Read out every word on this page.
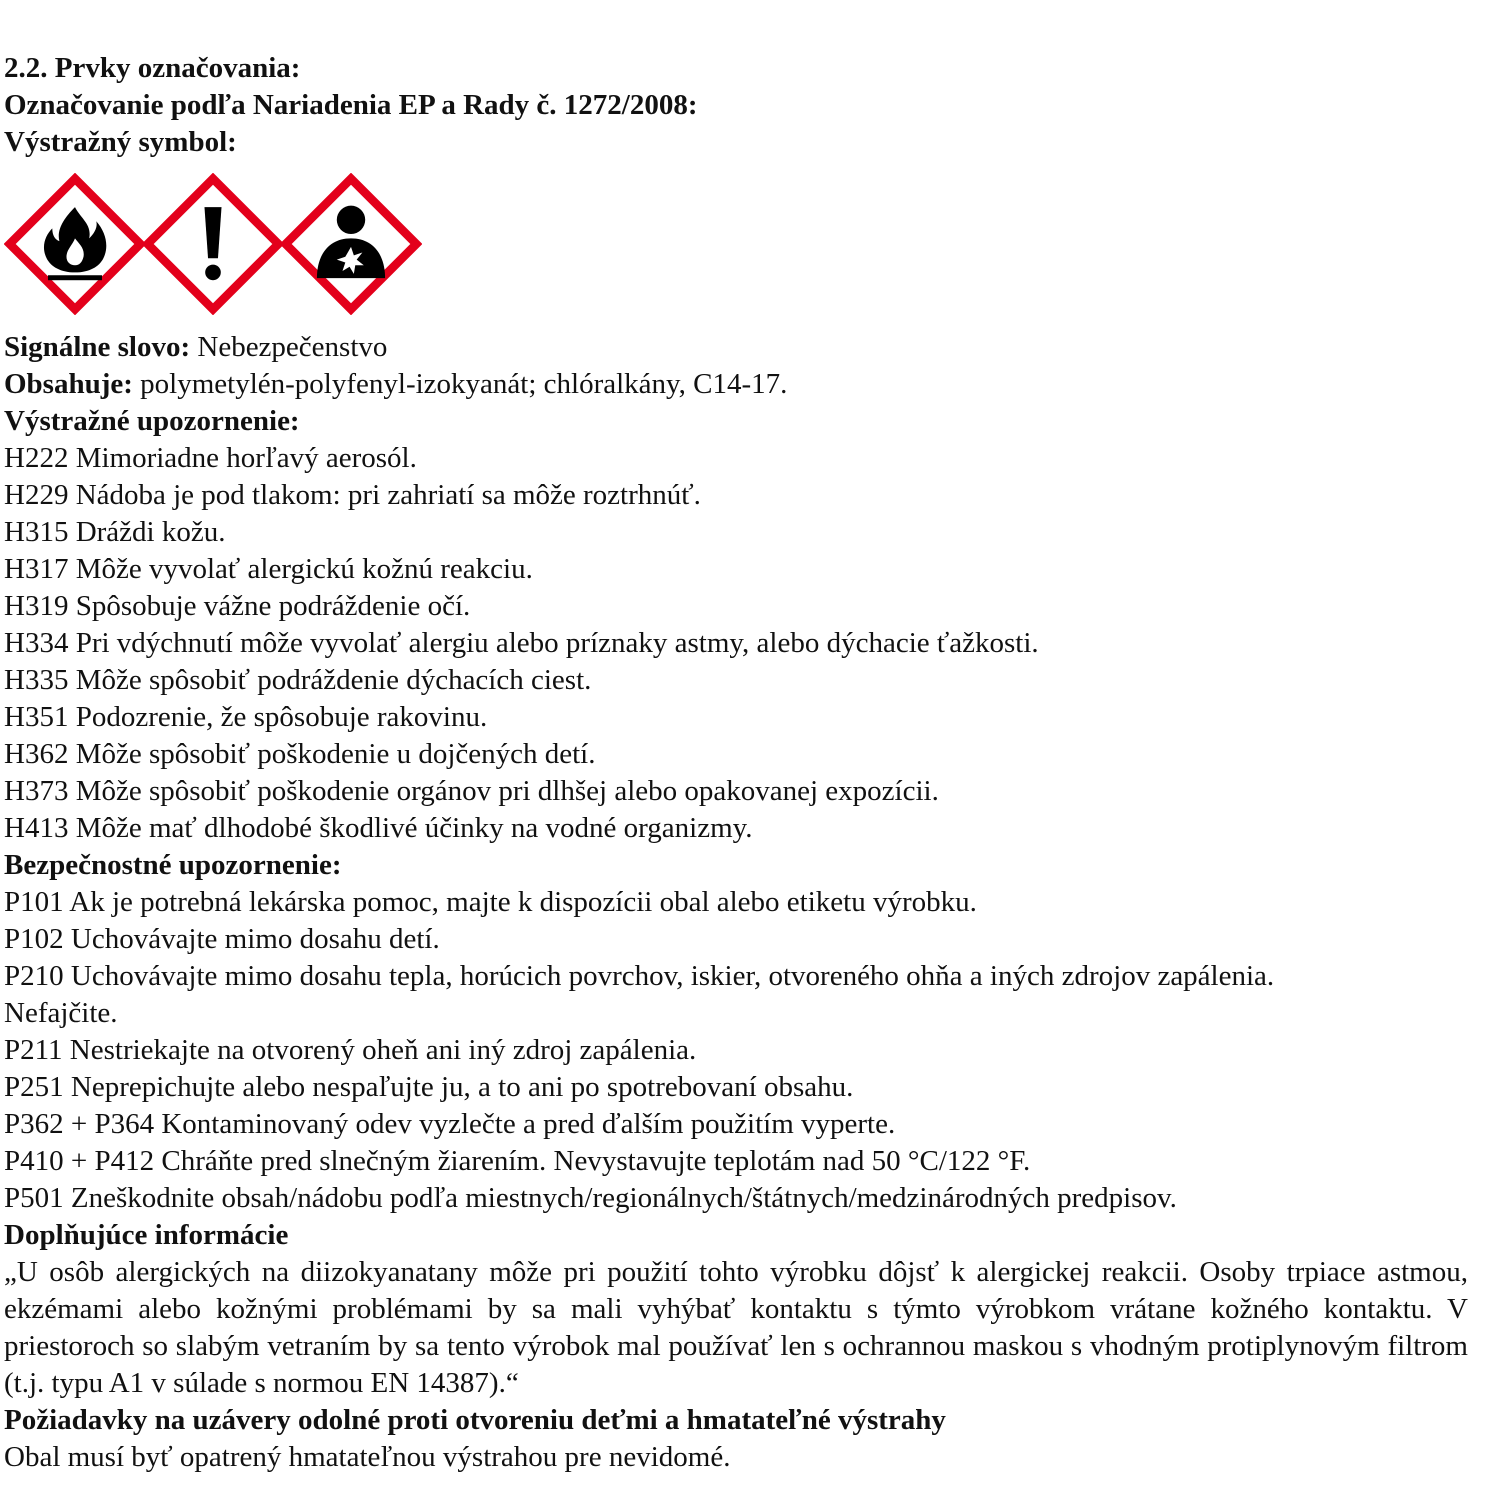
2.2. Prvky označovania:

Označovanie podľa Nariadenia EP a Rady č. 1272/2008:

Výstražný symbol:

Signálne slovo: Nebezpečenstvo

Obsahuje: polymetylén-polyfenyl-izokyanát; chlóralkány, C14-17.

Výstražné upozornenie:

H222 Mimoriadne horľavý aerosól.

H229 Nádoba je pod tlakom: pri zahriatí sa môže roztrhnúť.

H315 Dráždi kožu.

H317 Môže vyvolať alergickú kožnú reakciu.

H319 Spôsobuje vážne podráždenie očí.

H334 Pri vdýchnutí môže vyvolať alergiu alebo príznaky astmy, alebo dýchacie ťažkosti.

H335 Môže spôsobiť podráždenie dýchacích ciest.

H351 Podozrenie, že spôsobuje rakovinu.

H362 Môže spôsobiť poškodenie u dojčených detí.

H373 Môže spôsobiť poškodenie orgánov pri dlhšej alebo opakovanej expozícii.

H413 Môže mať dlhodobé škodlivé účinky na vodné organizmy.

Bezpečnostné upozornenie:

P101 Ak je potrebná lekárska pomoc, majte k dispozícii obal alebo etiketu výrobku.

P102 Uchovávajte mimo dosahu detí.

P210 Uchovávajte mimo dosahu tepla, horúcich povrchov, iskier, otvoreného ohňa a iných zdrojov zapálenia.

Nefajčite.

P211 Nestriekajte na otvorený oheň ani iný zdroj zapálenia.

P251 Neprepichujte alebo nespaľujte ju, a to ani po spotrebovaní obsahu.

P362 + P364 Kontaminovaný odev vyzlečte a pred ďalším použitím vyperte.

P410 + P412 Chráňte pred slnečným žiarením. Nevystavujte teplotám nad 50 °C/122 °F.

P501 Zneškodnite obsah/nádobu podľa miestnych/regionálnych/štátnych/medzinárodných predpisov.

Doplňujúce informácie

„U osôb alergických na diizokyanatany môže pri použití tohto výrobku dôjsť k alergickej reakcii. Osoby trpiace astmou, ekzémami alebo kožnými problémami by sa mali vyhýbať kontaktu s týmto výrobkom vrátane kožného kontaktu. V priestoroch so slabým vetraním by sa tento výrobok mal používať len s ochrannou maskou s vhodným protiplynovým filtrom (t.j. typu A1 v súlade s normou EN 14387).“

Požiadavky na uzávery odolné proti otvoreniu deťmi a hmatateľné výstrahy

Obal musí byť opatrený hmatateľnou výstrahou pre nevidomé.
